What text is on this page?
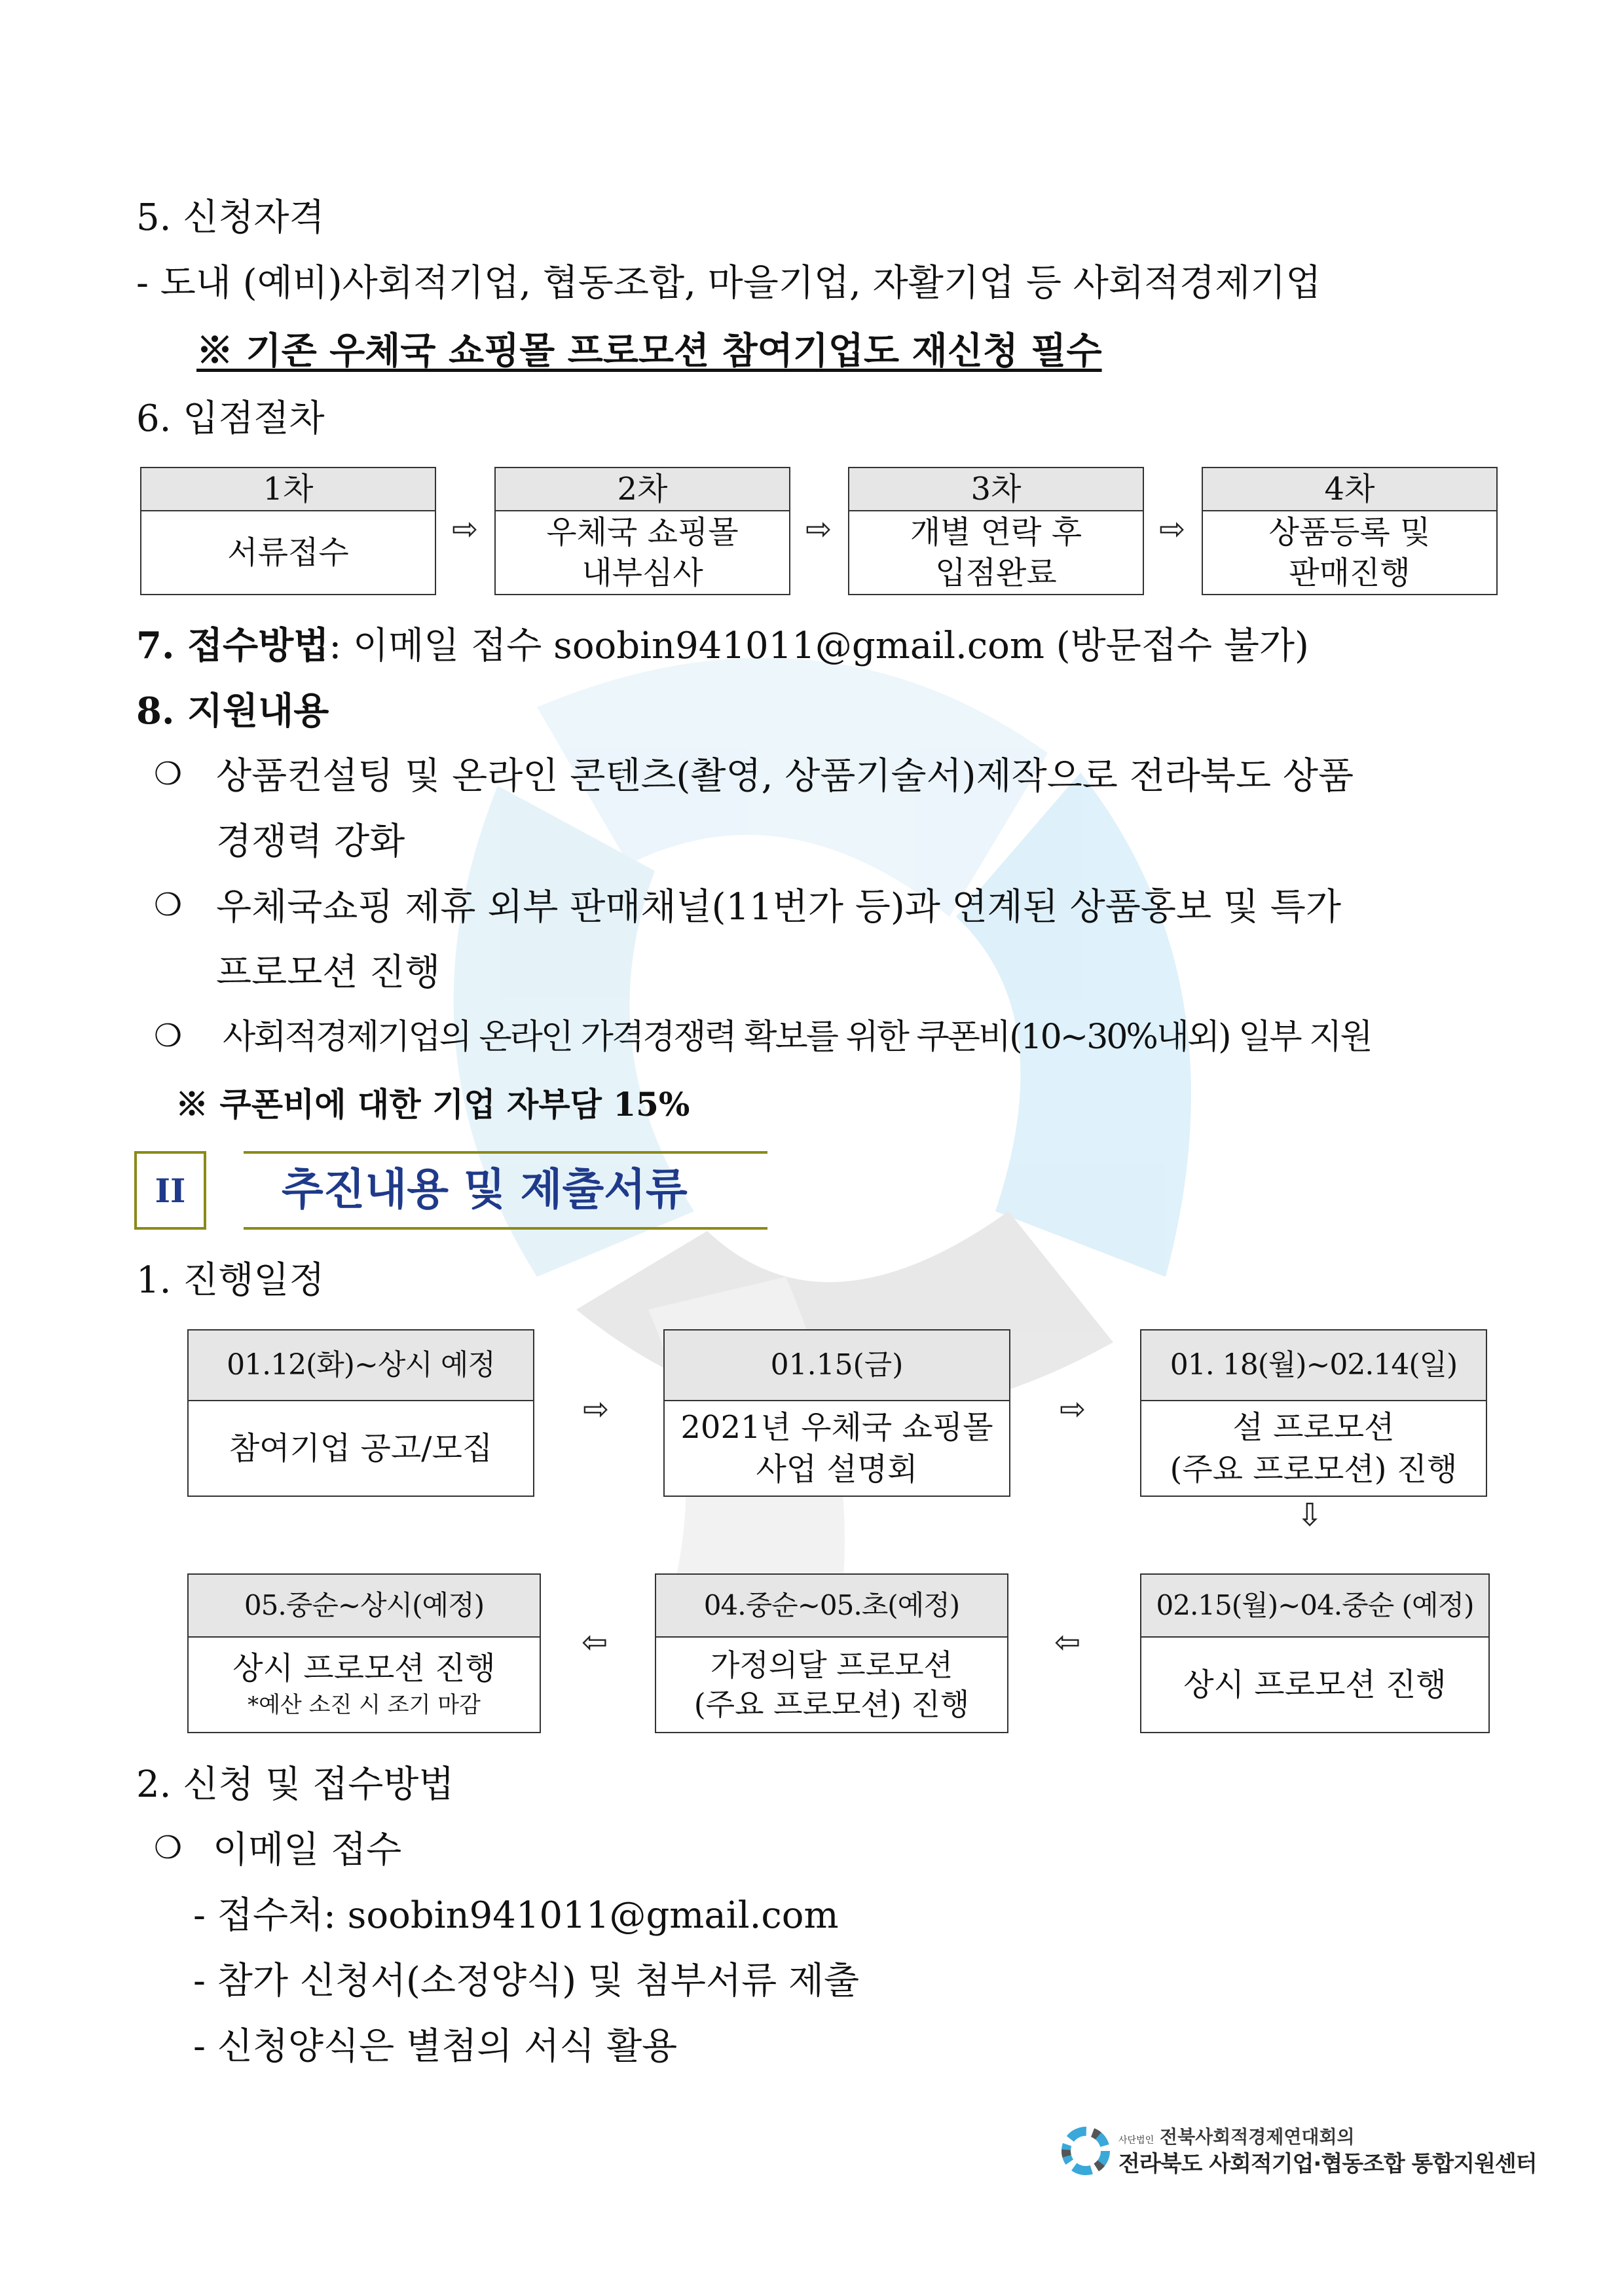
5. 신청자격
- 도내 (예비)사회적기업, 협동조합, 마을기업, 자활기업 등 사회적경제기업
※ 기존 우체국 쇼핑몰 프로모션 참여기업도 재신청 필수
6. 입점절차
1차
서류접수
⇨
2차
우체국 쇼핑몰
내부심사
⇨
3차
개별 연락 후
입점완료
⇨
4차
상품등록 및
판매진행
7. 접수방법: 이메일 접수 soobin941011@gmail.com (방문접수 불가)
8. 지원내용
❍ 상품컨설팅 및 온라인 콘텐츠(촬영, 상품기술서)제작으로 전라북도 상품
경쟁력 강화
❍ 우체국쇼핑 제휴 외부 판매채널(11번가 등)과 연계된 상품홍보 및 특가
프로모션 진행
❍ 사회적경제기업의 온라인 가격경쟁력 확보를 위한 쿠폰비(10~30%내외) 일부 지원
※ 쿠폰비에 대한 기업 자부담 15%
II 추진내용 및 제출서류
1. 진행일정
01.12(화)~상시 예정
참여기업 공고/모집
⇨
01.15(금)
2021년 우체국 쇼핑몰
사업 설명회
⇨
01. 18(월)~02.14(일)
설 프로모션
(주요 프로모션) 진행
⇩
05.중순~상시(예정)
상시 프로모션 진행
*예산 소진 시 조기 마감
⇦
04.중순~05.초(예정)
가정의달 프로모션
(주요 프로모션) 진행
⇦
02.15(월)~04.중순 (예정)
상시 프로모션 진행
2. 신청 및 접수방법
❍ 이메일 접수
- 접수처: soobin941011@gmail.com
- 참가 신청서(소정양식) 및 첨부서류 제출
- 신청양식은 별첨의 서식 활용
사단법인 전북사회적경제연대회의
전라북도 사회적기업·협동조합 통합지원센터
